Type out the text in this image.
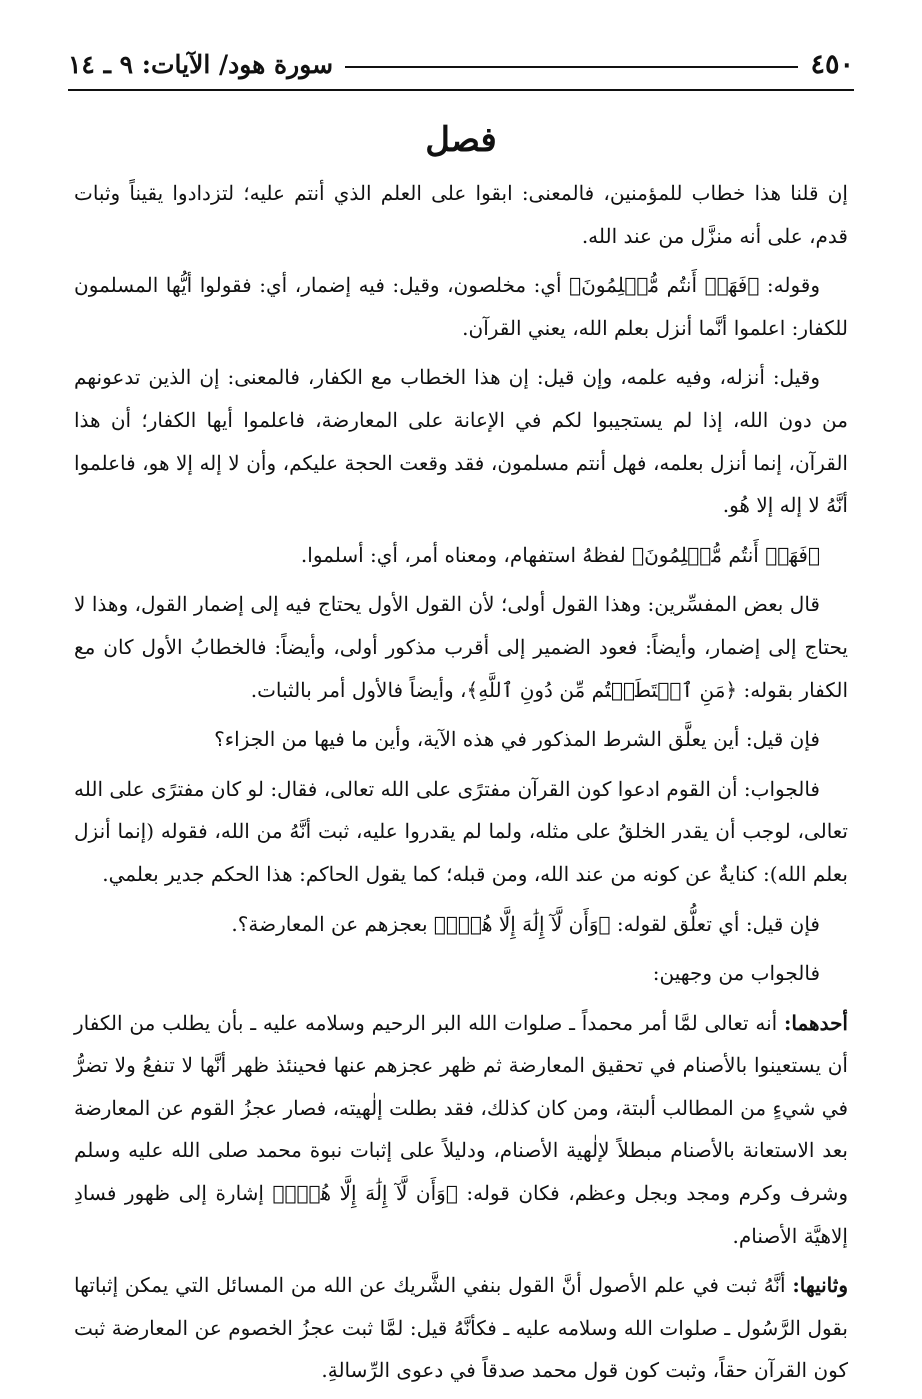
٤٥٠
سورة هود/ الآيات: ٩ ـ ١٤
فصل

إن قلنا هذا خطاب للمؤمنين، فالمعنى: ابقوا على العلم الذي أنتم عليه؛ لتزدادوا يقيناً وثبات قدم، على أنه منزَّل من عند الله.

وقوله: ﴿فَهَلۡ أَنتُم مُّسۡلِمُونَ﴾ أي: مخلصون، وقيل: فيه إضمار، أي: فقولوا أيُّها المسلمون للكفار: اعلموا أنَّما أنزل بعلم الله، يعني القرآن.

وقيل: أنزله، وفيه علمه، وإن قيل: إن هذا الخطاب مع الكفار، فالمعنى: إن الذين تدعونهم من دون الله، إذا لم يستجيبوا لكم في الإعانة على المعارضة، فاعلموا أيها الكفار؛ أن هذا القرآن، إنما أنزل بعلمه، فهل أنتم مسلمون، فقد وقعت الحجة عليكم، وأن لا إله إلا هو، فاعلموا أنَّهُ لا إله إلا هُو.

﴿فَهَلۡ أَنتُم مُّسۡلِمُونَ﴾ لفظهُ استفهام، ومعناه أمر، أي: أسلموا.

قال بعض المفسِّرين: وهذا القول أولى؛ لأن القول الأول يحتاج فيه إلى إضمار القول، وهذا لا يحتاج إلى إضمار، وأيضاً: فعود الضمير إلى أقرب مذكور أولى، وأيضاً: فالخطابُ الأول كان مع الكفار بقوله: ﴿مَنِ ٱسۡتَطَعۡتُم مِّن دُونِ ٱللَّهِ﴾، وأيضاً فالأول أمر بالثبات.

فإن قيل: أين يعلَّق الشرط المذكور في هذه الآية، وأين ما فيها من الجزاء؟

فالجواب: أن القوم ادعوا كون القرآن مفترًى على الله تعالى، فقال: لو كان مفترًى على الله تعالى، لوجب أن يقدر الخلقُ على مثله، ولما لم يقدروا عليه، ثبت أنَّهُ من الله، فقوله (إنما أنزل بعلم الله): كنايةٌ عن كونه من عند الله، ومن قبله؛ كما يقول الحاكم: هذا الحكم جدير بعلمي.

فإن قيل: أي تعلُّق لقوله: ﴿وَأَن لَّآ إِلَٰهَ إِلَّا هُوَۖ﴾ بعجزهم عن المعارضة؟.

فالجواب من وجهين:

أحدهما: أنه تعالى لمَّا أمر محمداً ـ صلوات الله البر الرحيم وسلامه عليه ـ بأن يطلب من الكفار أن يستعينوا بالأصنام في تحقيق المعارضة ثم ظهر عجزهم عنها فحينئذ ظهر أنَّها لا تنفعُ ولا تضرُّ في شيءٍ من المطالب ألبتة، ومن كان كذلك، فقد بطلت إلٰهيته، فصار عجزُ القوم عن المعارضة بعد الاستعانة بالأصنام مبطلاً لإلٰهية الأصنام، ودليلاً على إثبات نبوة محمد صلى الله عليه وسلم وشرف وكرم ومجد وبجل وعظم، فكان قوله: ﴿وَأَن لَّآ إِلَٰهَ إِلَّا هُوَۖ﴾ إشارة إلى ظهور فسادِ إلاهيَّة الأصنام.

وثانيها: أنَّهُ ثبت في علم الأصول أنَّ القول بنفي الشَّريك عن الله من المسائل التي يمكن إثباتها بقول الرَّسُول ـ صلوات الله وسلامه عليه ـ فكأنَّهُ قيل: لمَّا ثبت عجزُ الخصوم عن المعارضة ثبت كون القرآن حقاً، وثبت كون قول محمد صدقاً في دعوى الرِّسالةِ.
